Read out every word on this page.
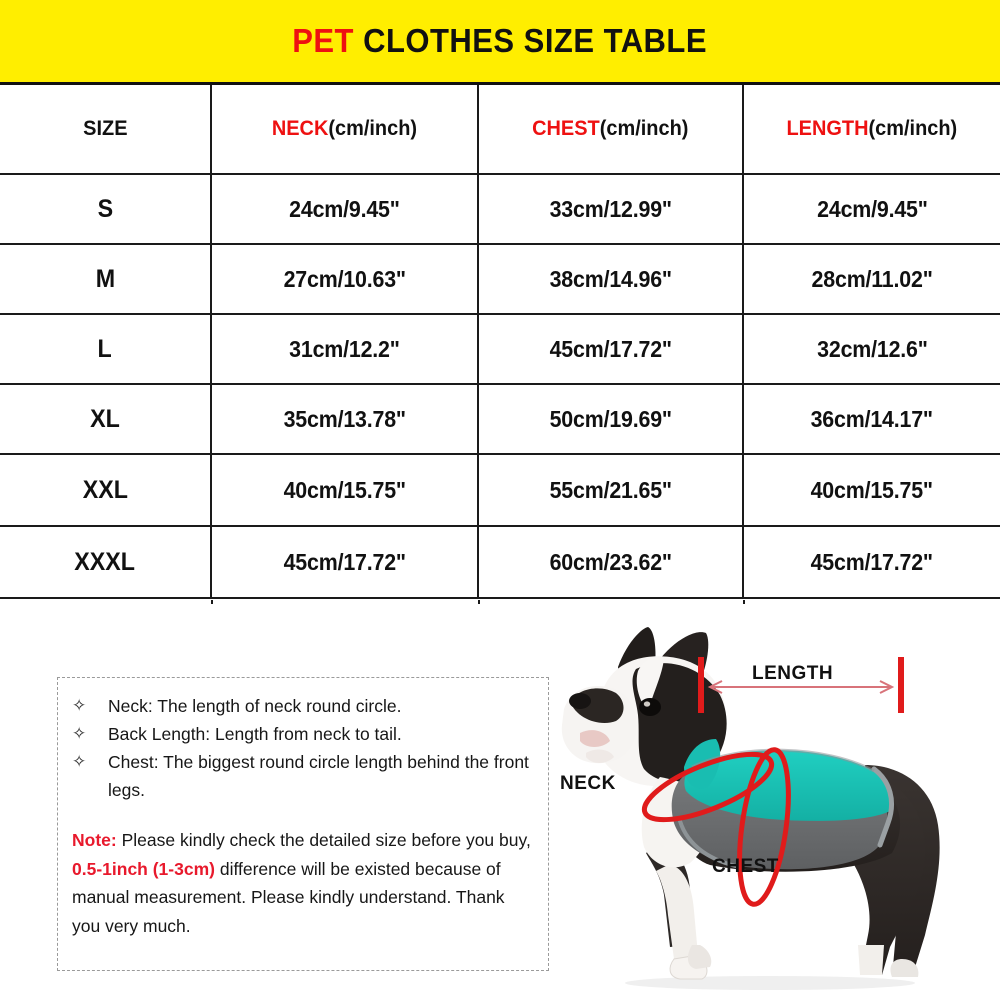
PET CLOTHES SIZE TABLE
SIZE	NECK(cm/inch)	CHEST(cm/inch)	LENGTH(cm/inch)
S	24cm/9.45"	33cm/12.99"	24cm/9.45"
M	27cm/10.63"	38cm/14.96"	28cm/11.02"
L	31cm/12.2"	45cm/17.72"	32cm/12.6"
XL	35cm/13.78"	50cm/19.69"	36cm/14.17"
XXL	40cm/15.75"	55cm/21.65"	40cm/15.75"
XXXL	45cm/17.72"	60cm/23.62"	45cm/17.72"
✧	Neck: The length of neck round circle.
✧	Back Length: Length from neck to tail.
✧	Chest: The biggest round circle length behind the front legs.
Note: Please kindly check the detailed size before you buy, 0.5-1inch (1-3cm) difference will be existed because of manual measurement. Please kindly understand. Thank you very much.
LENGTH
NECK
CHEST
